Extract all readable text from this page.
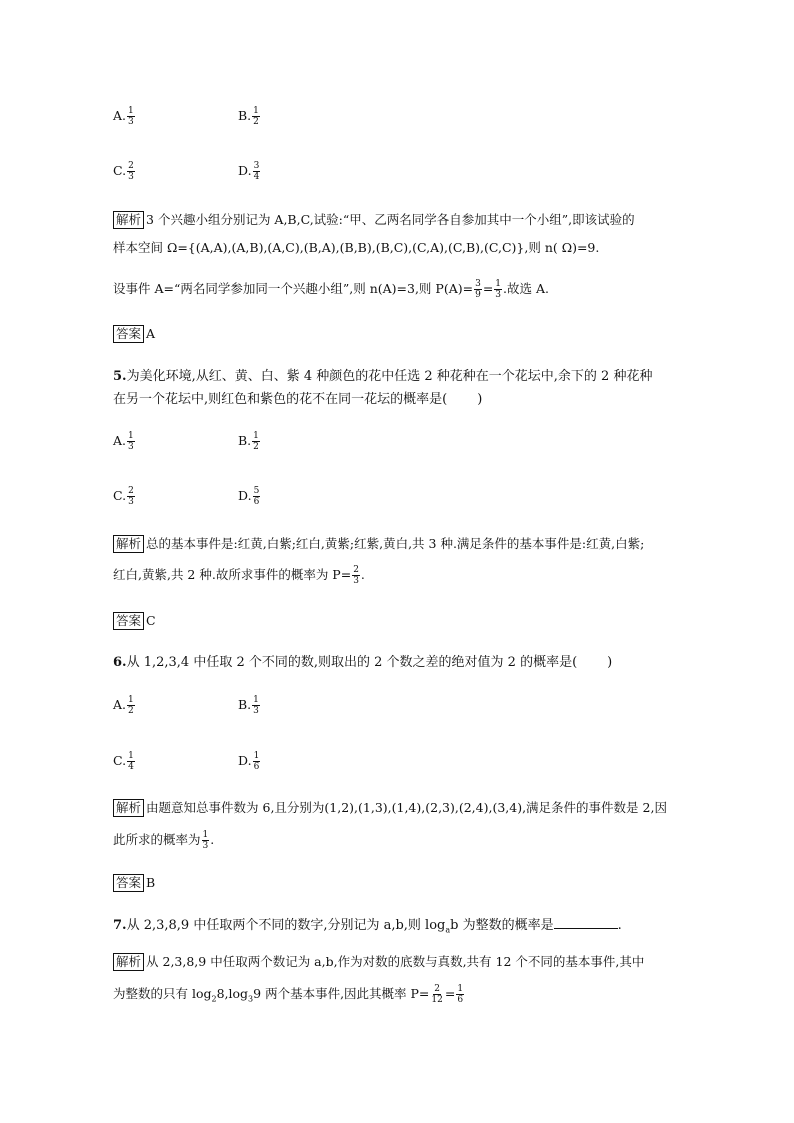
A. $\frac{1}{3}$	B. $\frac{1}{2}$
C. $\frac{2}{3}$	D. $\frac{3}{4}$
解析 3 个兴趣小组分别记为 A,B,C,试验:“甲、乙两名同学各自参加其中一个小组”,即该试验的
样本空间 Ω={(A,A),(A,B),(A,C),(B,A),(B,B),(B,C),(C,A),(C,B),(C,C)},则 n( Ω)=9.
设事件 A=“两名同学参加同一个兴趣小组”,则 n(A)=3,则 $P(A)= \frac{3}{9} = \frac{1}{3}$ .故选 A.
答案 A
5.为美化环境,从红、黄、白、紫 4 种颜色的花中任选 2 种花种在一个花坛中,余下的 2 种花种
在另一个花坛中,则红色和紫色的花不在同一花坛的概率是( )
A. $\frac{1}{3}$	B. $\frac{1}{2}$
C. $\frac{2}{3}$	D. $\frac{5}{6}$
解析 总的基本事件是:红黄,白紫;红白,黄紫;红紫,黄白,共 3 种.满足条件的基本事件是:红黄,白紫;
红白,黄紫,共 2 种.故所求事件的概率为 $P= \frac{2}{3}$ .
答案 C
6.从 1,2,3,4 中任取 2 个不同的数,则取出的 2 个数之差的绝对值为 2 的概率是( )
A. $\frac{1}{2}$	B. $\frac{1}{3}$
C. $\frac{1}{4}$	D. $\frac{1}{6}$
解析 由题意知总事件数为 6,且分别为(1,2),(1,3),(1,4),(2,3),(2,4),(3,4),满足条件的事件数是 2,因
此所求的概率为 $\frac{1}{3}$ .
答案 B
7.从 2,3,8,9 中任取两个不同的数字,分别记为 a,b,则 $\log_ab$ 为整数的概率是	.
解析 从 2,3,8,9 中任取两个数记为 a,b,作为对数的底数与真数,共有 12 个不同的基本事件,其中
为整数的只有 $\log_28,\log_39$ 两个基本事件,因此其概率 $P= \frac{2}{12} = \frac{1}{6}$
